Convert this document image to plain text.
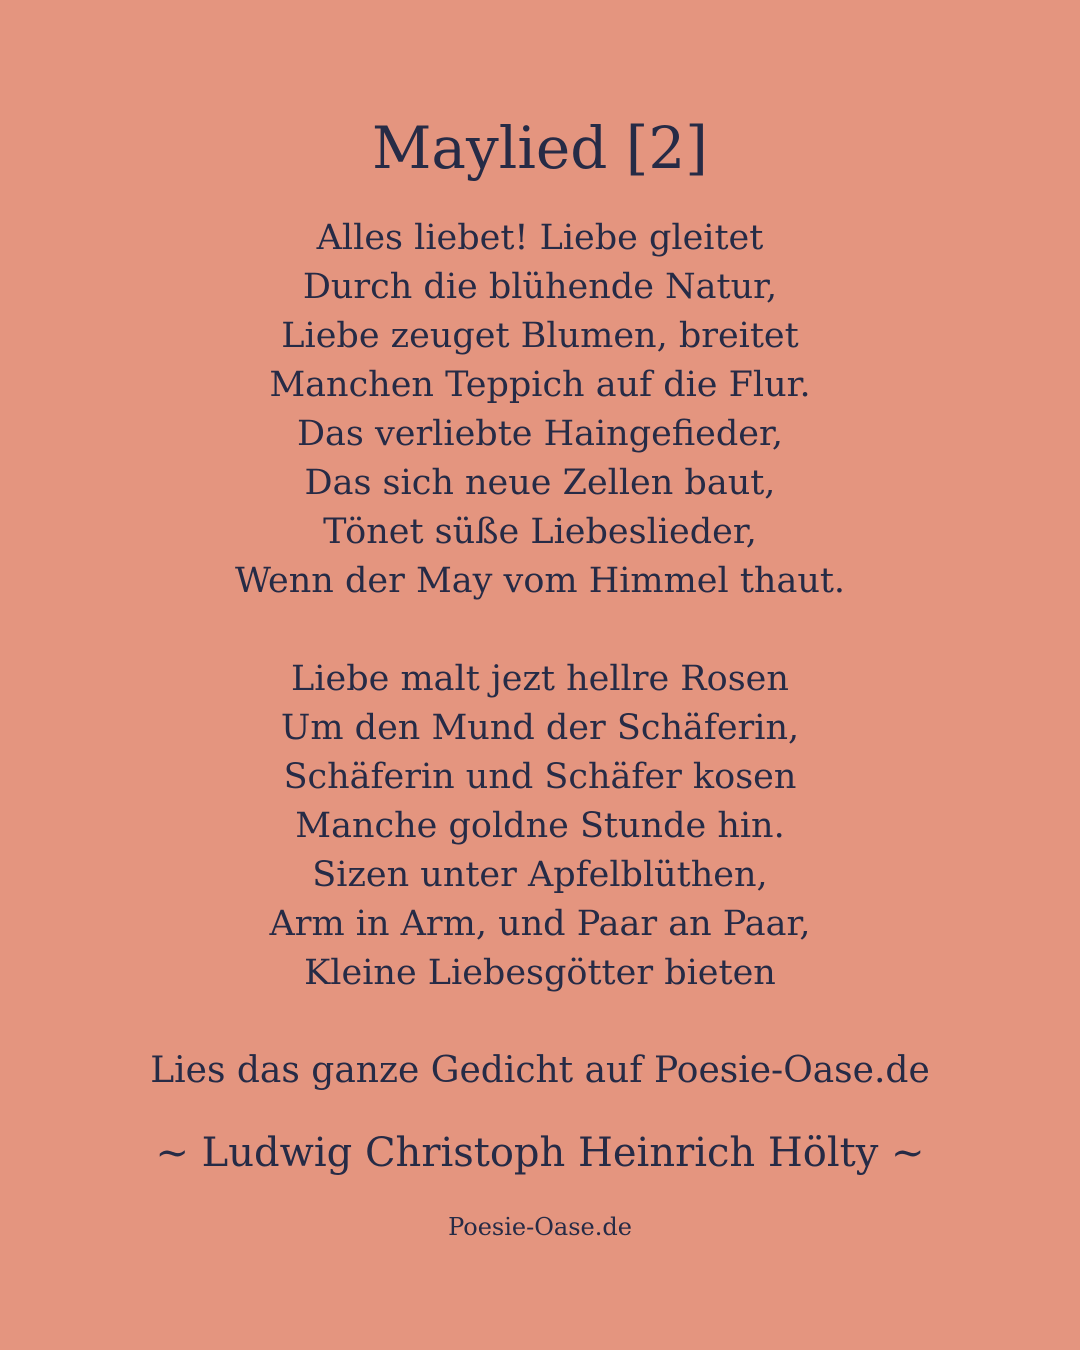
Maylied [2]
Alles liebet! Liebe gleitet
Durch die blühende Natur,
Liebe zeuget Blumen, breitet
Manchen Teppich auf die Flur.
Das verliebte Haingefieder,
Das sich neue Zellen baut,
Tönet süße Liebeslieder,
Wenn der May vom Himmel thaut.
Liebe malt jezt hellre Rosen
Um den Mund der Schäferin,
Schäferin und Schäfer kosen
Manche goldne Stunde hin.
Sizen unter Apfelblüthen,
Arm in Arm, und Paar an Paar,
Kleine Liebesgötter bieten

Lies das ganze Gedicht auf Poesie-Oase.de

~ Ludwig Christoph Heinrich Hölty ~

Poesie-Oase.de
